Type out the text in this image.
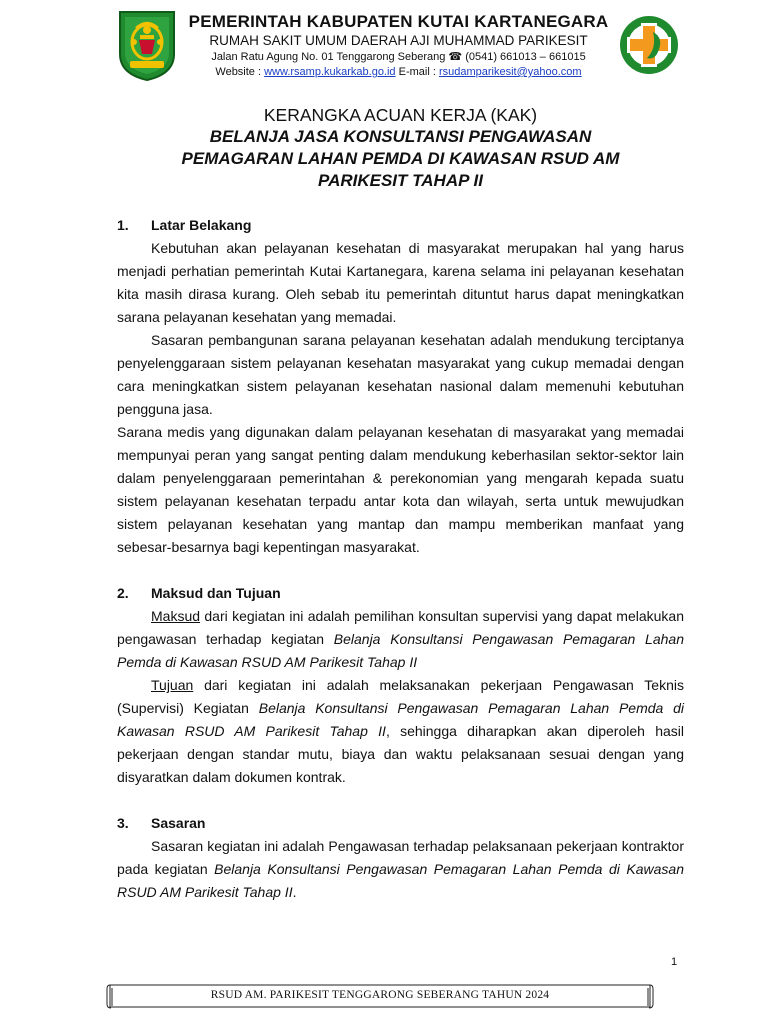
PEMERINTAH KABUPATEN KUTAI KARTANEGARA
RUMAH SAKIT UMUM DAERAH AJI MUHAMMAD PARIKESIT
Jalan Ratu Agung No. 01 Tenggarong Seberang ☎ (0541) 661013 – 661015
Website : www.rsamp.kukarkab.go.id E-mail : rsudamparikesit@yahoo.com
KERANGKA ACUAN KERJA (KAK)
BELANJA JASA KONSULTANSI PENGAWASAN
PEMAGARAN LAHAN PEMDA DI KAWASAN RSUD AM
PARIKESIT TAHAP II
1.	Latar Belakang

Kebutuhan akan pelayanan kesehatan di masyarakat merupakan hal yang harus menjadi perhatian pemerintah Kutai Kartanegara, karena selama ini pelayanan kesehatan kita masih dirasa kurang. Oleh sebab itu pemerintah dituntut harus dapat meningkatkan sarana pelayanan kesehatan yang memadai.

Sasaran pembangunan sarana pelayanan kesehatan adalah mendukung terciptanya penyelenggaraan sistem pelayanan kesehatan masyarakat yang cukup memadai dengan cara meningkatkan sistem pelayanan kesehatan nasional dalam memenuhi kebutuhan pengguna jasa.

Sarana medis yang digunakan dalam pelayanan kesehatan di masyarakat yang memadai mempunyai peran yang sangat penting dalam mendukung keberhasilan sektor-sektor lain dalam penyelenggaraan pemerintahan & perekonomian yang mengarah kepada suatu sistem pelayanan kesehatan terpadu antar kota dan wilayah, serta untuk mewujudkan sistem pelayanan kesehatan yang mantap dan mampu memberikan manfaat yang sebesar-besarnya bagi kepentingan masyarakat.

2.	Maksud dan Tujuan

Maksud dari kegiatan ini adalah pemilihan konsultan supervisi yang dapat melakukan pengawasan terhadap kegiatan Belanja Konsultansi Pengawasan Pemagaran Lahan Pemda di Kawasan RSUD AM Parikesit Tahap II

Tujuan dari kegiatan ini adalah melaksanakan pekerjaan Pengawasan Teknis (Supervisi) Kegiatan Belanja Konsultansi Pengawasan Pemagaran Lahan Pemda di Kawasan RSUD AM Parikesit Tahap II, sehingga diharapkan akan diperoleh hasil pekerjaan dengan standar mutu, biaya dan waktu pelaksanaan sesuai dengan yang disyaratkan dalam dokumen kontrak.

3.	Sasaran

Sasaran kegiatan ini adalah Pengawasan terhadap pelaksanaan pekerjaan kontraktor pada kegiatan Belanja Konsultansi Pengawasan Pemagaran Lahan Pemda di Kawasan RSUD AM Parikesit Tahap II.

1
RSUD AM. PARIKESIT TENGGARONG SEBERANG TAHUN 2024
